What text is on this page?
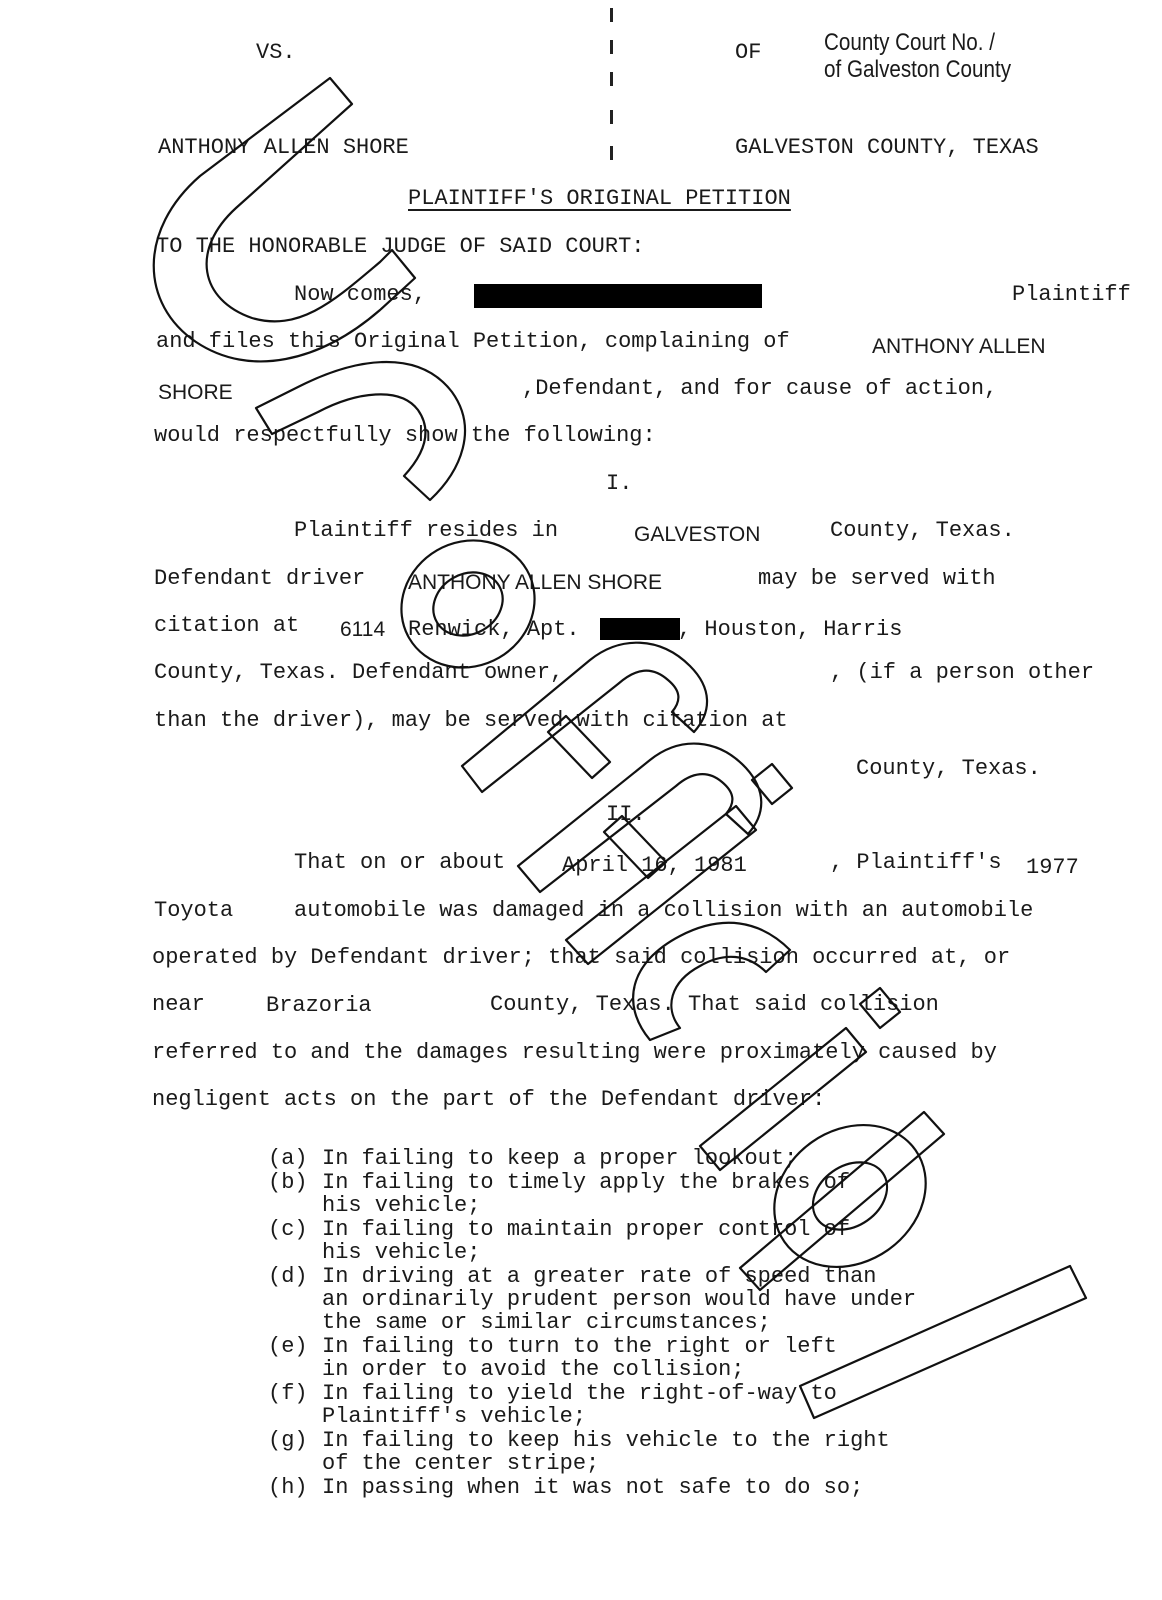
VS.	OF	County Court No. /
of Galveston County
ANTHONY ALLEN SHORE	GALVESTON COUNTY, TEXAS
PLAINTIFF'S ORIGINAL PETITION
TO THE HONORABLE JUDGE OF SAID COURT:
Now comes,	Plaintiff
and files this Original Petition, complaining of	ANTHONY ALLEN
SHORE	,Defendant, and for cause of action,
would respectfully show the following:
I.
Plaintiff resides in	GALVESTON	County, Texas.
Defendant driver ANTHONY ALLEN SHORE	may be served with
citation at 6114 Renwick, Apt.	, Houston, Harris
County, Texas. Defendant owner,	, (if a person other
than the driver), may be served with citation at
County, Texas.
II.
That on or about	April 16, 1981	, Plaintiff's 1977
Toyota	automobile was damaged in a collision with an automobile
operated by Defendant driver; that said collision occurred at, or
near	Brazoria	County, Texas. That said collision
referred to and the damages resulting were proximately caused by
negligent acts on the part of the Defendant driver:
(a) In failing to keep a proper lookout;
(b) In failing to timely apply the brakes of
his vehicle;
(c) In failing to maintain proper control of
his vehicle;
(d) In driving at a greater rate of speed than
an ordinarily prudent person would have under
the same or similar circumstances;
(e) In failing to turn to the right or left
in order to avoid the collision;
(f) In failing to yield the right-of-way to
Plaintiff's vehicle;
(g) In failing to keep his vehicle to the right
of the center stripe;
(h) In passing when it was not safe to do so;
